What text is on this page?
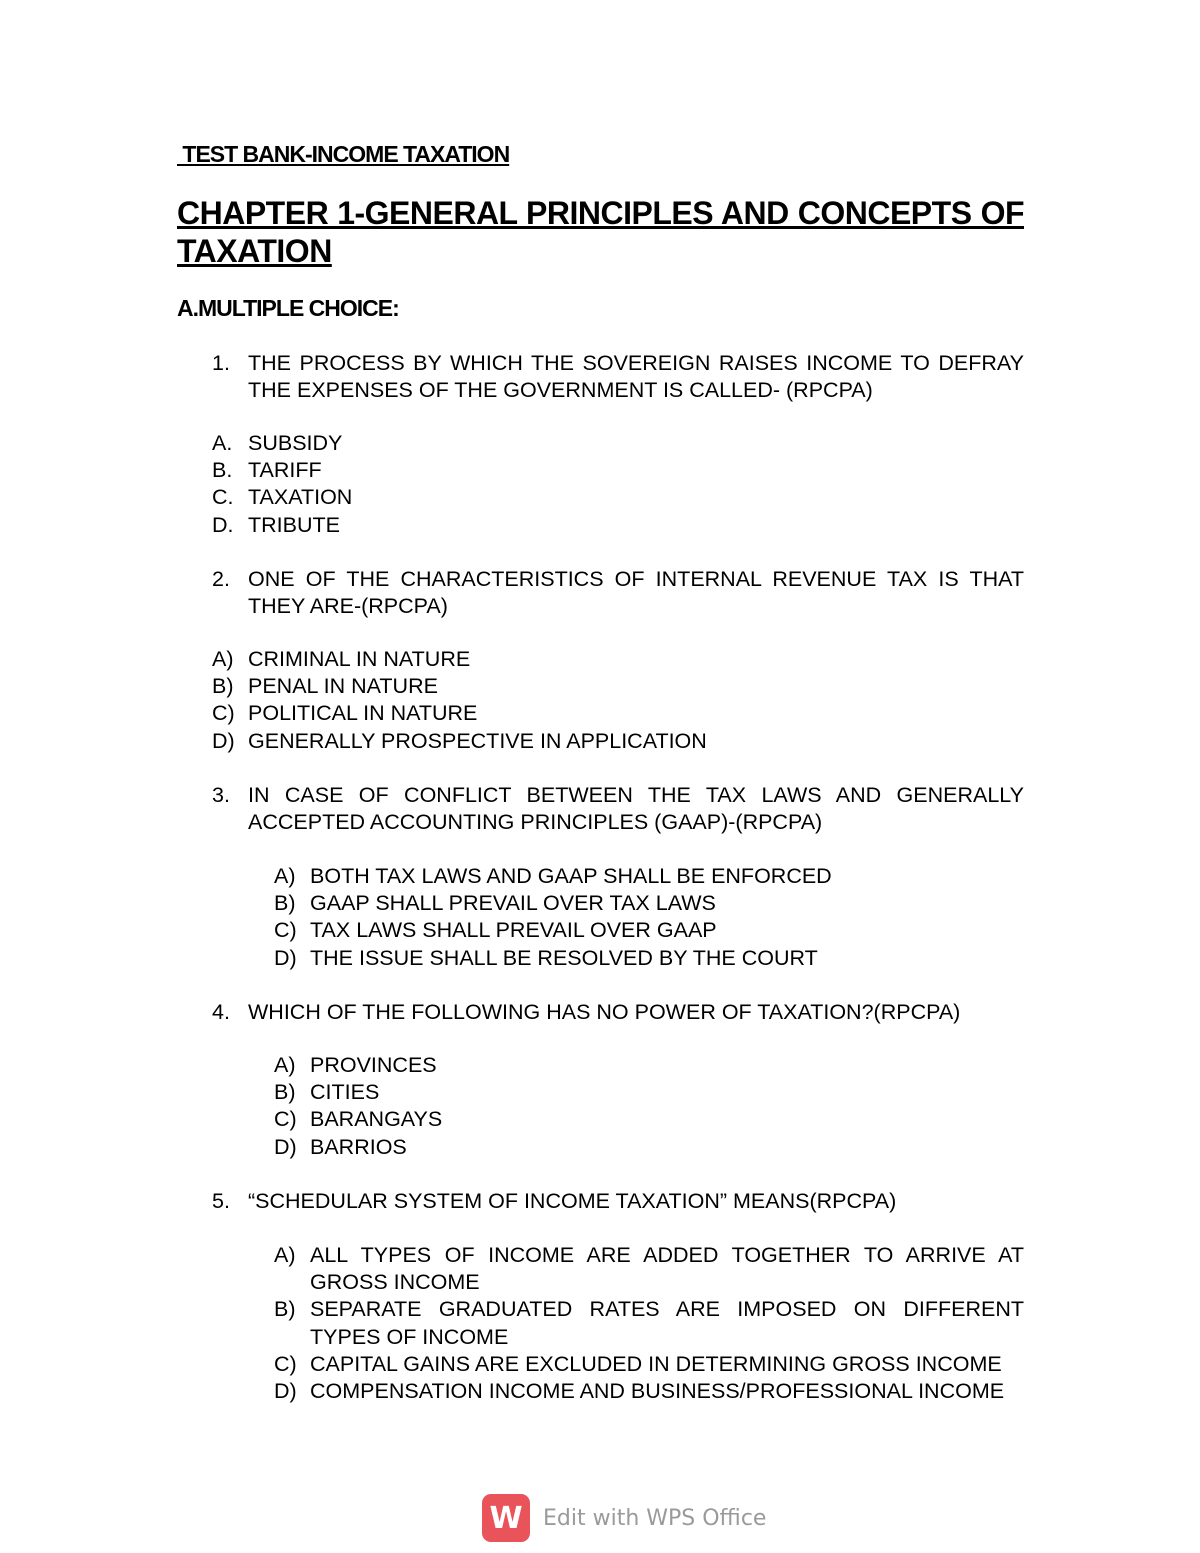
TEST BANK-INCOME TAXATION
CHAPTER 1-GENERAL PRINCIPLES AND CONCEPTS OF TAXATION
A.MULTIPLE CHOICE:
1. THE PROCESS BY WHICH THE SOVEREIGN RAISES INCOME TO DEFRAY THE EXPENSES OF THE GOVERNMENT IS CALLED- (RPCPA)
A. SUBSIDY
B. TARIFF
C. TAXATION
D. TRIBUTE
2. ONE OF THE CHARACTERISTICS OF INTERNAL REVENUE TAX IS THAT THEY ARE-(RPCPA)
A) CRIMINAL IN NATURE
B) PENAL IN NATURE
C) POLITICAL IN NATURE
D) GENERALLY PROSPECTIVE IN APPLICATION
3. IN CASE OF CONFLICT BETWEEN THE TAX LAWS AND GENERALLY ACCEPTED ACCOUNTING PRINCIPLES (GAAP)-(RPCPA)
A) BOTH TAX LAWS AND GAAP SHALL BE ENFORCED
B) GAAP SHALL PREVAIL OVER TAX LAWS
C) TAX LAWS SHALL PREVAIL OVER GAAP
D) THE ISSUE SHALL BE RESOLVED BY THE COURT
4. WHICH OF THE FOLLOWING HAS NO POWER OF TAXATION?(RPCPA)
A) PROVINCES
B) CITIES
C) BARANGAYS
D) BARRIOS
5. “SCHEDULAR SYSTEM OF INCOME TAXATION” MEANS(RPCPA)
A) ALL TYPES OF INCOME ARE ADDED TOGETHER TO ARRIVE AT GROSS INCOME
B) SEPARATE GRADUATED RATES ARE IMPOSED ON DIFFERENT TYPES OF INCOME
C) CAPITAL GAINS ARE EXCLUDED IN DETERMINING GROSS INCOME
D) COMPENSATION INCOME AND BUSINESS/PROFESSIONAL INCOME
W Edit with WPS Office
